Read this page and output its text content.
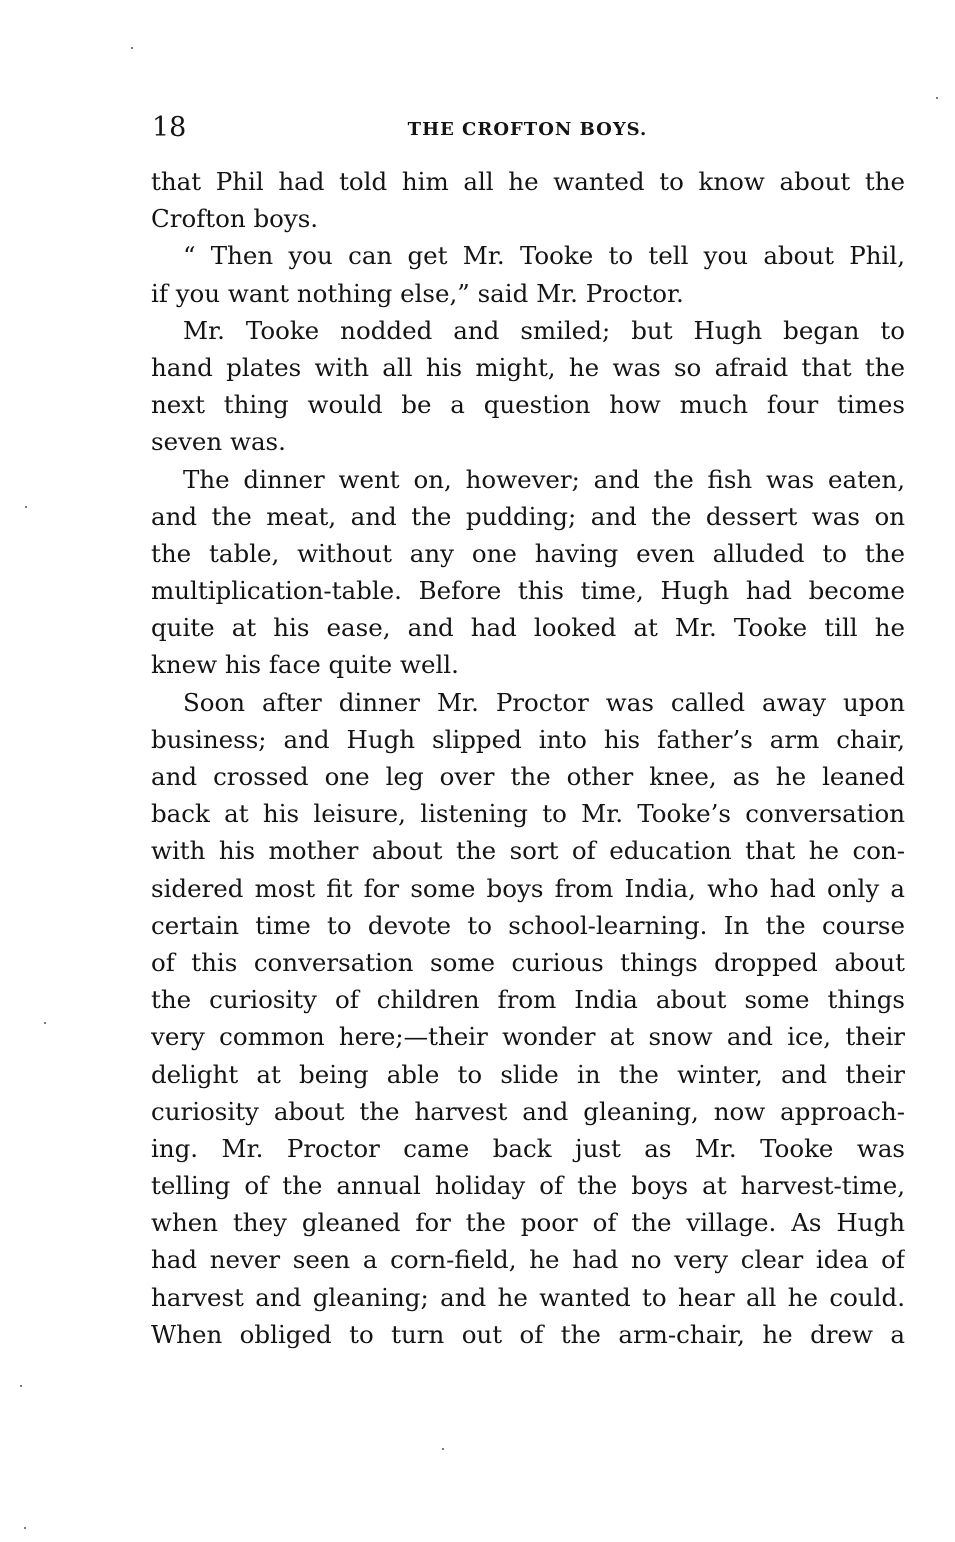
18	THE CROFTON BOYS.
that Phil had told him all he wanted to know about the
Crofton boys.
“ Then you can get Mr. Tooke to tell you about Phil,
if you want nothing else,” said Mr. Proctor.
Mr. Tooke nodded and smiled; but Hugh began to
hand plates with all his might, he was so afraid that the
next thing would be a question how much four times
seven was.
The dinner went on, however; and the fish was eaten,
and the meat, and the pudding; and the dessert was on
the table, without any one having even alluded to the
multiplication-table. Before this time, Hugh had become
quite at his ease, and had looked at Mr. Tooke till he
knew his face quite well.
Soon after dinner Mr. Proctor was called away upon
business; and Hugh slipped into his father’s arm chair,
and crossed one leg over the other knee, as he leaned
back at his leisure, listening to Mr. Tooke’s conversation
with his mother about the sort of education that he con-
sidered most fit for some boys from India, who had only a
certain time to devote to school-learning. In the course
of this conversation some curious things dropped about
the curiosity of children from India about some things
very common here;—their wonder at snow and ice, their
delight at being able to slide in the winter, and their
curiosity about the harvest and gleaning, now approach-
ing. Mr. Proctor came back just as Mr. Tooke was
telling of the annual holiday of the boys at harvest-time,
when they gleaned for the poor of the village. As Hugh
had never seen a corn-field, he had no very clear idea of
harvest and gleaning; and he wanted to hear all he could.
When obliged to turn out of the arm-chair, he drew a
